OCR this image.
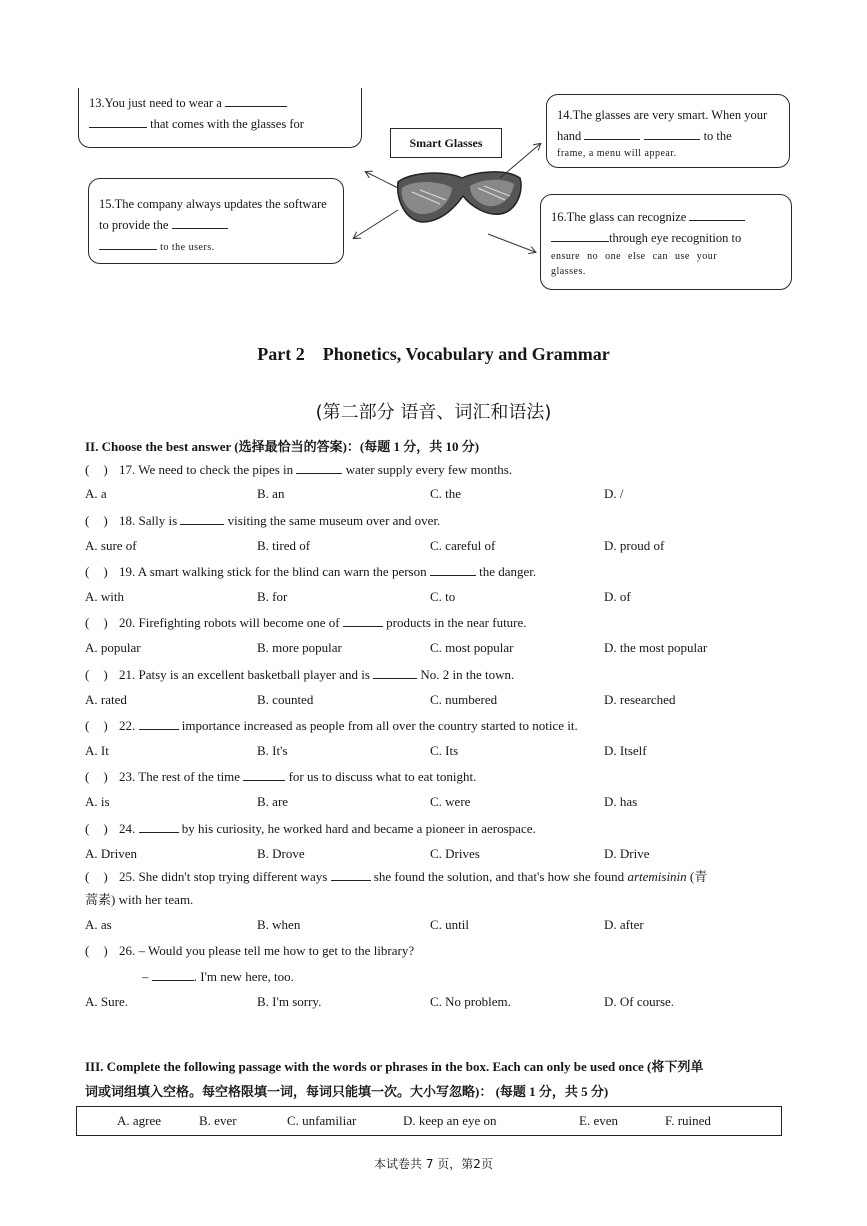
Smart Glasses
13.You just need to wear a
that comes with the glasses for
14.The glasses are very smart. When your hand	to the
frame, a menu will appear.
15.The company always updates the software to provide the
to the users.
16.The glass can recognize
through eye recognition to
ensure no one else can use your
glasses.
Part 2    Phonetics, Vocabulary and Grammar
(第二部分 语音、词汇和语法)
II. Choose the best answer (选择最恰当的答案)：(每题 1 分，共 10 分)
( ) 17. We need to check the pipes in	water supply every few months.
A. a	B. an	C. the	D. /
( ) 18. Sally is	visiting the same museum over and over.
A. sure of	B. tired of	C. careful of	D. proud of
( ) 19. A smart walking stick for the blind can warn the person	the danger.
A. with	B. for	C. to	D. of
( ) 20. Firefighting robots will become one of	products in the near future.
A. popular	B. more popular	C. most popular	D. the most popular
( ) 21. Patsy is an excellent basketball player and is	No. 2 in the town.
A. rated	B. counted	C. numbered	D. researched
( ) 22.	importance increased as people from all over the country started to notice it.
A. It	B. It's	C. Its	D. Itself
( ) 23. The rest of the time	for us to discuss what to eat tonight.
A. is	B. are	C. were	D. has
( ) 24.	by his curiosity, he worked hard and became a pioneer in aerospace.
A. Driven	B. Drove	C. Drives	D. Drive
( ) 25. She didn't stop trying different ways	she found the solution, and that's how she found artemisinin (青
蒿素) with her team.
A. as	B. when	C. until	D. after
( ) 26. – Would you please tell me how to get to the library?
–	. I'm new here, too.
A. Sure.	B. I'm sorry.	C. No problem.	D. Of course.
III. Complete the following passage with the words or phrases in the box. Each can only be used once (将下列单
词或词组填入空格。每空格限填一词，每词只能填一次。大小写忽略)： (每题 1 分，共 5 分)
A. agree	B. ever	C. unfamiliar	D. keep an eye on	E. even	F. ruined
本试卷共 7 页，第2页
